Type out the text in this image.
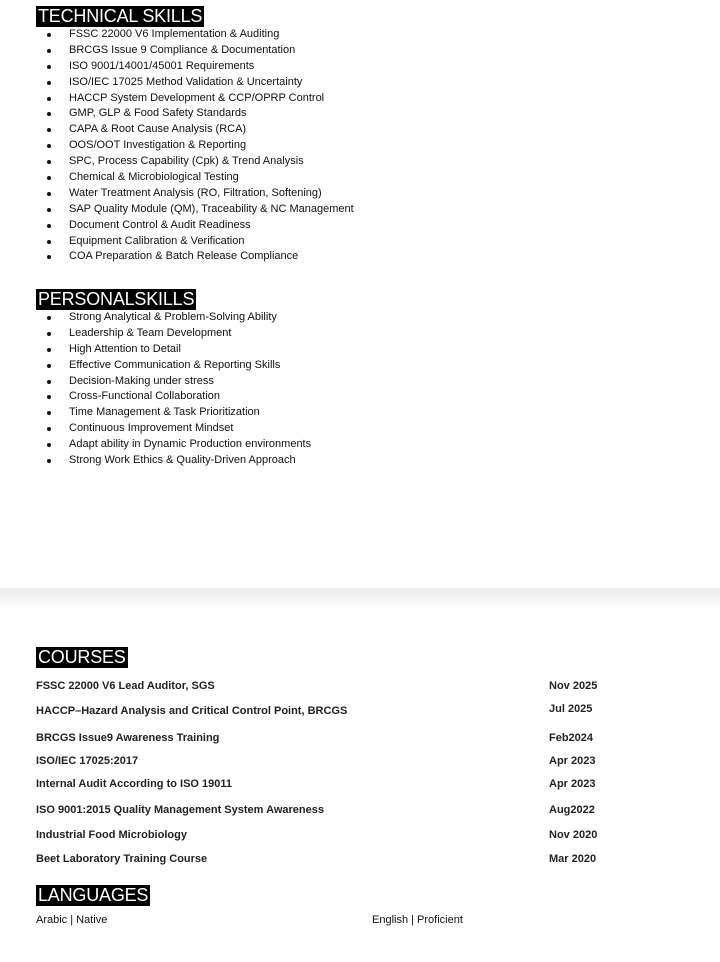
TECHNICAL SKILLS
FSSC 22000 V6 Implementation & Auditing
BRCGS Issue 9 Compliance & Documentation
ISO 9001/14001/45001 Requirements
ISO/IEC 17025 Method Validation & Uncertainty
HACCP System Development & CCP/OPRP Control
GMP, GLP & Food Safety Standards
CAPA & Root Cause Analysis (RCA)
OOS/OOT Investigation & Reporting
SPC, Process Capability (Cpk) & Trend Analysis
Chemical & Microbiological Testing
Water Treatment Analysis (RO, Filtration, Softening)
SAP Quality Module (QM), Traceability & NC Management
Document Control & Audit Readiness
Equipment Calibration & Verification
COA Preparation & Batch Release Compliance
PERSONALSKILLS
Strong Analytical & Problem-Solving Ability
Leadership & Team Development
High Attention to Detail
Effective Communication & Reporting Skills
Decision-Making under stress
Cross-Functional Collaboration
Time Management & Task Prioritization
Continuous Improvement Mindset
Adapt ability in Dynamic Production environments
Strong Work Ethics & Quality-Driven Approach
COURSES
FSSC 22000 V6 Lead Auditor, SGS	Nov 2025
HACCP–Hazard Analysis and Critical Control Point, BRCGS	Jul 2025
BRCGS Issue9 Awareness Training	Feb2024
ISO/IEC 17025:2017	Apr 2023
Internal Audit According to ISO 19011	Apr 2023
ISO 9001:2015 Quality Management System Awareness	Aug2022
Industrial Food Microbiology	Nov 2020
Beet Laboratory Training Course	Mar 2020
LANGUAGES
Arabic | Native	English | Proficient
